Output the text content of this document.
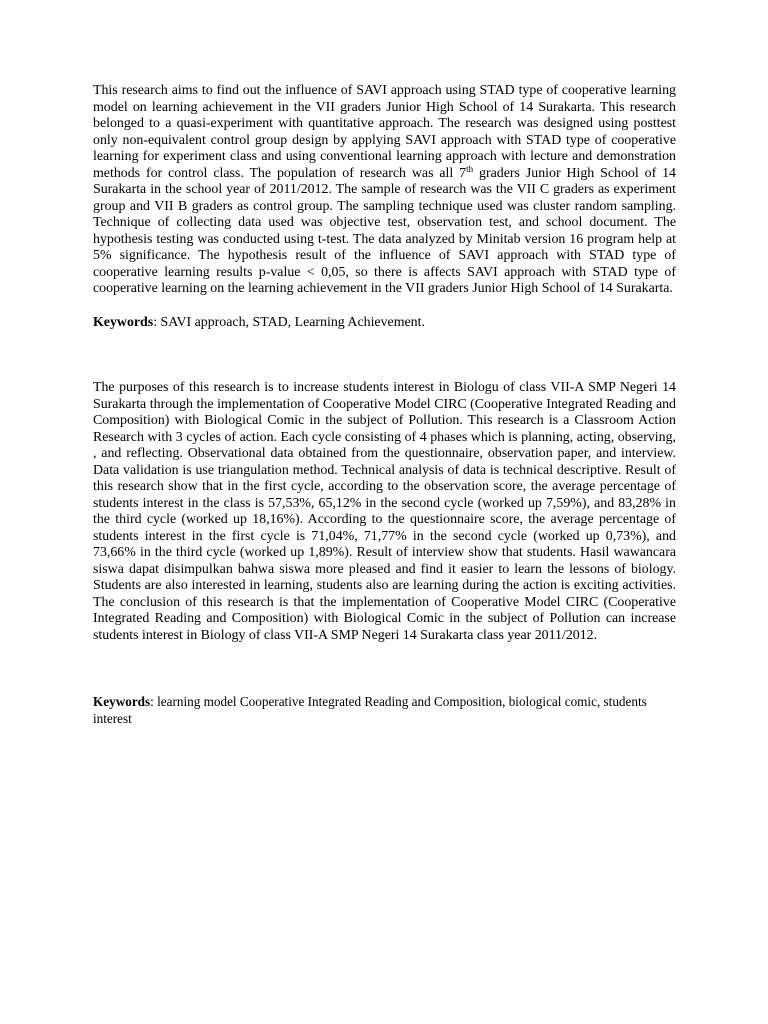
This research aims to find out the influence of SAVI approach using STAD type of cooperative learning model on learning achievement in the VII graders Junior High School of 14 Surakarta. This research belonged to a quasi-experiment with quantitative approach. The research was designed using posttest only non-equivalent control group design by applying SAVI approach with STAD type of cooperative learning for experiment class and using conventional learning approach with lecture and demonstration methods for control class. The population of research was all 7th graders Junior High School of 14 Surakarta in the school year of 2011/2012. The sample of research was the VII C graders as experiment group and VII B graders as control group. The sampling technique used was cluster random sampling. Technique of collecting data used was objective test, observation test, and school document. The hypothesis testing was conducted using t-test. The data analyzed by Minitab version 16 program help at 5% significance. The hypothesis result of the influence of SAVI approach with STAD type of cooperative learning results p-value < 0,05, so there is affects SAVI approach with STAD type of cooperative learning on the learning achievement in the VII graders Junior High School of 14 Surakarta.

Keywords: SAVI approach, STAD, Learning Achievement.

The purposes of this research is to increase students interest in Biologu of class VII-A SMP Negeri 14 Surakarta through the implementation of Cooperative Model CIRC (Cooperative Integrated Reading and Composition) with Biological Comic in the subject of Pollution. This research is a Classroom Action Research with 3 cycles of action. Each cycle consisting of 4 phases which is planning, acting, observing, , and reflecting. Observational data obtained from the questionnaire, observation paper, and interview. Data validation is use triangulation method. Technical analysis of data is technical descriptive. Result of this research show that in the first cycle, according to the observation score, the average percentage of students interest in the class is 57,53%, 65,12% in the second cycle (worked up 7,59%), and 83,28% in the third cycle (worked up 18,16%). According to the questionnaire score, the average percentage of students interest in the first cycle is 71,04%, 71,77% in the second cycle (worked up 0,73%), and 73,66% in the third cycle (worked up 1,89%). Result of interview show that students. Hasil wawancara siswa dapat disimpulkan bahwa siswa more pleased and find it easier to learn the lessons of biology. Students are also interested in learning, students also are learning during the action is exciting activities. The conclusion of this research is that the implementation of Cooperative Model CIRC (Cooperative Integrated Reading and Composition) with Biological Comic in the subject of Pollution can increase students interest in Biology of class VII-A SMP Negeri 14 Surakarta class year 2011/2012.

Keywords: learning model Cooperative Integrated Reading and Composition, biological comic, students interest
